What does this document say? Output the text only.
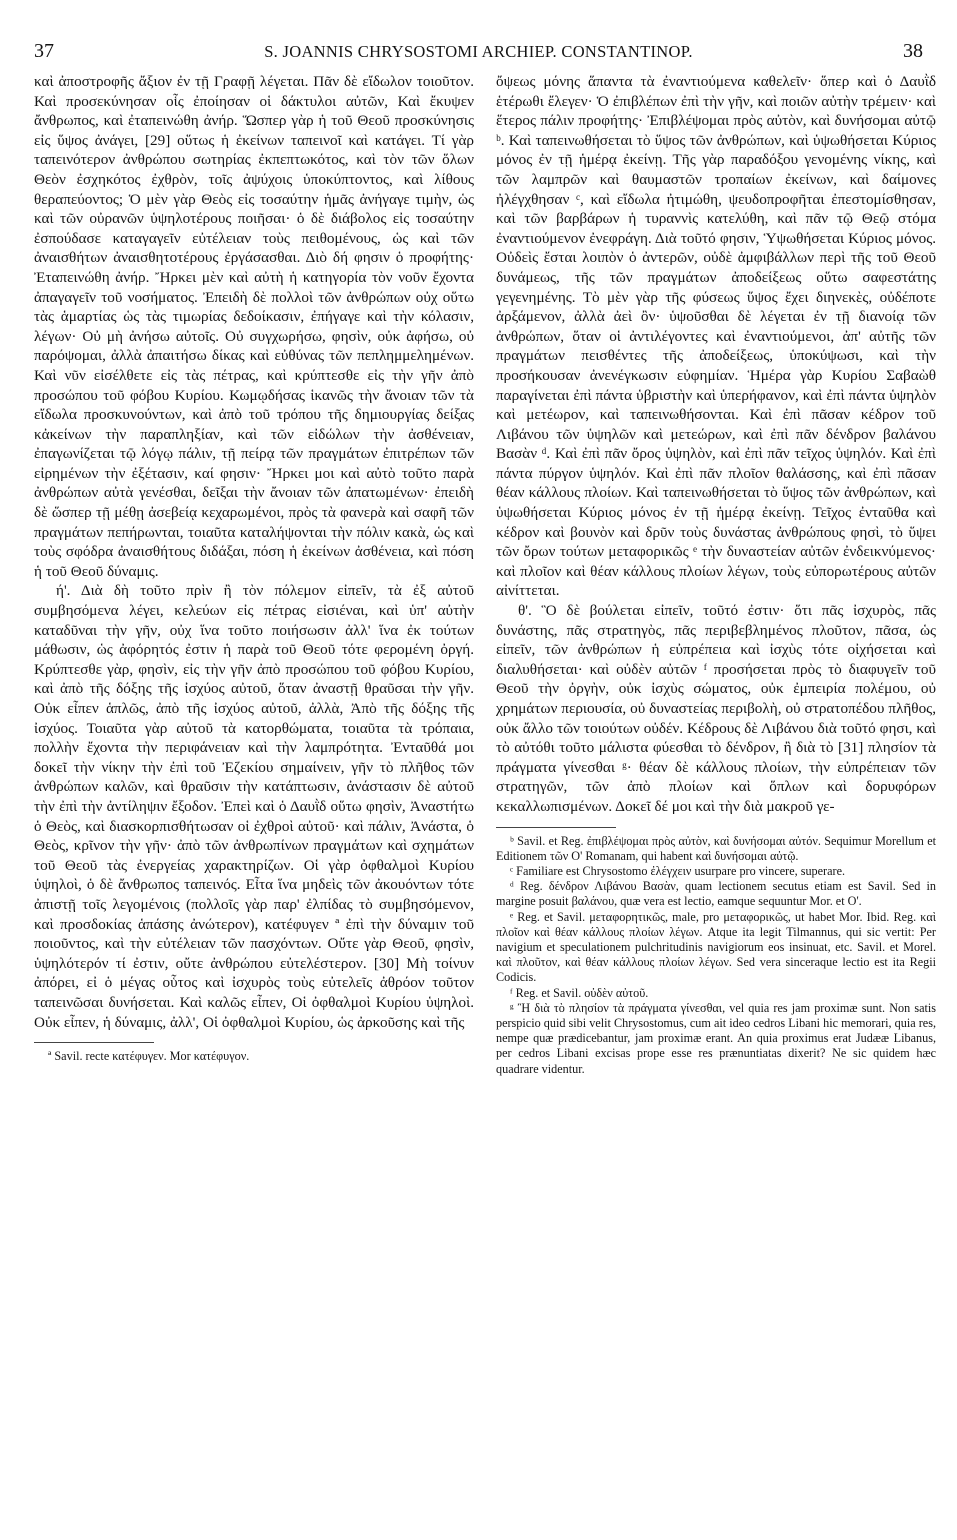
37	S. JOANNIS CHRYSOSTOMI ARCHIEP. CONSTANTINOP.	38

καὶ ἀποστροφῆς ἄξιον ἐν τῇ Γραφῇ λέγεται. Πᾶν δὲ εἴδωλον τοιοῦτον. Καὶ προσεκύνησαν οἷς ἐποίησαν οἱ δάκτυλοι αὐτῶν, Καὶ ἔκυψεν ἄνθρωπος, καὶ ἐταπεινώθη ἀνήρ. Ὥσπερ γὰρ ἡ τοῦ Θεοῦ προσκύνησις εἰς ὕψος ἀνάγει, [29] οὕτως ἡ ἐκείνων ταπεινοῖ καὶ κατάγει. Τί γὰρ ταπεινότερον ἀνθρώπου σωτηρίας ἐκπεπτωκότος, καὶ τὸν τῶν ὅλων Θεὸν ἐσχηκότος ἐχθρὸν, τοῖς ἀψύχοις ὑποκύπτοντος, καὶ λίθους θεραπεύοντος; Ὁ μὲν γὰρ Θεὸς εἰς τοσαύτην ἡμᾶς ἀνήγαγε τιμὴν, ὡς καὶ τῶν οὐρανῶν ὑψηλοτέρους ποιῆσαι· ὁ δὲ διάβολος εἰς τοσαύτην ἐσπούδασε καταγαγεῖν εὐτέλειαν τοὺς πειθομένους, ὡς καὶ τῶν ἀναισθήτων ἀναισθητοτέρους ἐργάσασθαι. Διὸ δή φησιν ὁ προφήτης· Ἐταπεινώθη ἀνήρ. Ἤρκει μὲν καὶ αὐτὴ ἡ κατηγορία τὸν νοῦν ἔχοντα ἀπαγαγεῖν τοῦ νοσήματος. Ἐπειδὴ δὲ πολλοὶ τῶν ἀνθρώπων οὐχ οὕτω τὰς ἁμαρτίας ὡς τὰς τιμωρίας δεδοίκασιν, ἐπήγαγε καὶ τὴν κόλασιν, λέγων· Οὐ μὴ ἀνήσω αὐτοῖς. Οὐ συγχωρήσω, φησὶν, οὐκ ἀφήσω, οὐ παρόψομαι, ἀλλὰ ἀπαιτήσω δίκας καὶ εὐθύνας τῶν πεπλημμελημένων. Καὶ νῦν εἰσέλθετε εἰς τὰς πέτρας, καὶ κρύπτεσθε εἰς τὴν γῆν ἀπὸ προσώπου τοῦ φόβου Κυρίου. Κωμῳδήσας ἱκανῶς τὴν ἄνοιαν τῶν τὰ εἴδωλα προσκυνούντων, καὶ ἀπὸ τοῦ τρόπου τῆς δημιουργίας δείξας κἀκείνων τὴν παραπληξίαν, καὶ τῶν εἰδώλων τὴν ἀσθένειαν, ἐπαγωνίζεται τῷ λόγῳ πάλιν, τῇ πείρᾳ τῶν πραγμάτων ἐπιτρέπων τῶν εἰρημένων τὴν ἐξέτασιν, καί φησιν· Ἤρκει μοι καὶ αὐτὸ τοῦτο παρὰ ἀνθρώπων αὐτὰ γενέσθαι, δεῖξαι τὴν ἄνοιαν τῶν ἀπατωμένων· ἐπειδὴ δὲ ὥσπερ τῇ μέθῃ ἀσεβείᾳ κεχαρωμένοι, πρὸς τὰ φανερὰ καὶ σαφῆ τῶν πραγμάτων πεπήρωνται, τοιαῦτα καταλήψονται τὴν πόλιν κακὰ, ὡς καὶ τοὺς σφόδρα ἀναισθήτους διδάξαι, πόση ἡ ἐκείνων ἀσθένεια, καὶ πόση ἡ τοῦ Θεοῦ δύναμις.

ή'. Διὰ δὴ τοῦτο πρὶν ἢ τὸν πόλεμον εἰπεῖν, τὰ ἐξ αὐτοῦ συμβησόμενα λέγει, κελεύων εἰς πέτρας εἰσιέναι, καὶ ὑπ' αὐτὴν καταδῦναι τὴν γῆν, οὐχ ἵνα τοῦτο ποιήσωσιν ἀλλ' ἵνα ἐκ τούτων μάθωσιν, ὡς ἀφόρητός ἐστιν ἡ παρὰ τοῦ Θεοῦ τότε φερομένη ὀργή. Κρύπτεσθε γὰρ, φησὶν, εἰς τὴν γῆν ἀπὸ προσώπου τοῦ φόβου Κυρίου, καὶ ἀπὸ τῆς δόξης τῆς ἰσχύος αὐτοῦ, ὅταν ἀναστῇ θραῦσαι τὴν γῆν. Οὐκ εἶπεν ἁπλῶς, ἀπὸ τῆς ἰσχύος αὐτοῦ, ἀλλὰ, Ἀπὸ τῆς δόξης τῆς ἰσχύος. Τοιαῦτα γὰρ αὐτοῦ τὰ κατορθώματα, τοιαῦτα τὰ τρόπαια, πολλὴν ἔχοντα τὴν περιφάνειαν καὶ τὴν λαμπρότητα. Ἐνταῦθά μοι δοκεῖ τὴν νίκην τὴν ἐπὶ τοῦ Ἐζεκίου σημαίνειν, γῆν τὸ πλῆθος τῶν ἀνθρώπων καλῶν, καὶ θραῦσιν τὴν κατάπτωσιν, ἀνάστασιν δὲ αὐτοῦ τὴν ἐπὶ τὴν ἀντίληψιν ἔξοδον. Ἐπεὶ καὶ ὁ Δαυῒδ οὕτω φησὶν, Ἀναστήτω ὁ Θεὸς, καὶ διασκορπισθήτωσαν οἱ ἐχθροὶ αὐτοῦ· καὶ πάλιν, Ἀνάστα, ὁ Θεὸς, κρῖνον τὴν γῆν· ἀπὸ τῶν ἀνθρωπίνων πραγμάτων καὶ σχημάτων τοῦ Θεοῦ τὰς ἐνεργείας χαρακτηρίζων. Οἱ γὰρ ὀφθαλμοὶ Κυρίου ὑψηλοὶ, ὁ δὲ ἄνθρωπος ταπεινός. Εἶτα ἵνα μηδεὶς τῶν ἀκουόντων τότε ἀπιστῇ τοῖς λεγομένοις (πολλοῖς γὰρ παρ' ἐλπίδας τὸ συμβησόμενον, καὶ προσδοκίας ἁπάσης ἀνώτερον), κατέφυγεν ª ἐπὶ τὴν δύναμιν τοῦ ποιοῦντος, καὶ τὴν εὐτέλειαν τῶν πασχόντων. Οὔτε γὰρ Θεοῦ, φησὶν, ὑψηλότερόν τί ἐστιν, οὔτε ἀνθρώπου εὐτελέστερον. [30] Μὴ τοίνυν ἀπόρει, εἰ ὁ μέγας οὗτος καὶ ἰσχυρὸς τοὺς εὐτελεῖς ἀθρόον τοῦτον ταπεινῶσαι δυνήσεται. Καὶ καλῶς εἶπεν, Οἱ ὀφθαλμοὶ Κυρίου ὑψηλοὶ. Οὐκ εἶπεν, ἡ δύναμις, ἀλλ', Οἱ ὀφθαλμοὶ Κυρίου, ὡς ἀρκοῦσης καὶ τῆς

ª Savil. recte κατέφυγεν. Mor κατέφυγον.

ὄψεως μόνης ἅπαντα τὰ ἐναντιούμενα καθελεῖν· ὅπερ καὶ ὁ Δαυῒδ ἑτέρωθι ἔλεγεν· Ὁ ἐπιβλέπων ἐπὶ τὴν γῆν, καὶ ποιῶν αὐτὴν τρέμειν· καὶ ἕτερος πάλιν προφήτης· Ἐπιβλέψομαι πρὸς αὐτὸν, καὶ δυνήσομαι αὐτῷ ᵇ. Καὶ ταπεινωθήσεται τὸ ὕψος τῶν ἀνθρώπων, καὶ ὑψωθήσεται Κύριος μόνος ἐν τῇ ἡμέρᾳ ἐκείνῃ. Τῆς γὰρ παραδόξου γενομένης νίκης, καὶ τῶν λαμπρῶν καὶ θαυμαστῶν τροπαίων ἐκείνων, καὶ δαίμονες ἠλέγχθησαν ᶜ, καὶ εἴδωλα ἠτιμώθη, ψευδοπροφῆται ἐπεστομίσθησαν, καὶ τῶν βαρβάρων ἡ τυραννὶς κατελύθη, καὶ πᾶν τῷ Θεῷ στόμα ἐναντιούμενον ἐνεφράγη. Διὰ τοῦτό φησιν, Ὑψωθήσεται Κύριος μόνος. Οὐδεὶς ἔσται λοιπὸν ὁ ἀντερῶν, οὐδὲ ἀμφιβάλλων περὶ τῆς τοῦ Θεοῦ δυνάμεως, τῆς τῶν πραγμάτων ἀποδείξεως οὕτω σαφεστάτης γεγενημένης. Τὸ μὲν γὰρ τῆς φύσεως ὕψος ἔχει διηνεκὲς, οὐδέποτε ἀρξάμενον, ἀλλὰ ἀεὶ ὂν· ὑψοῦσθαι δὲ λέγεται ἐν τῇ διανοίᾳ τῶν ἀνθρώπων, ὅταν οἱ ἀντιλέγοντες καὶ ἐναντιούμενοι, ἀπ' αὐτῆς τῶν πραγμάτων πεισθέντες τῆς ἀποδείξεως, ὑποκύψωσι, καὶ τὴν προσήκουσαν ἀνενέγκωσιν εὐφημίαν. Ἡμέρα γὰρ Κυρίου Σαβαὼθ παραγίνεται ἐπὶ πάντα ὑβριστὴν καὶ ὑπερήφανον, καὶ ἐπὶ πάντα ὑψηλὸν καὶ μετέωρον, καὶ ταπεινωθήσονται. Καὶ ἐπὶ πᾶσαν κέδρον τοῦ Λιβάνου τῶν ὑψηλῶν καὶ μετεώρων, καὶ ἐπὶ πᾶν δένδρον βαλάνου Βασὰν ᵈ. Καὶ ἐπὶ πᾶν ὄρος ὑψηλὸν, καὶ ἐπὶ πᾶν τεῖχος ὑψηλόν. Καὶ ἐπὶ πάντα πύργον ὑψηλόν. Καὶ ἐπὶ πᾶν πλοῖον θαλάσσης, καὶ ἐπὶ πᾶσαν θέαν κάλλους πλοίων. Καὶ ταπεινωθήσεται τὸ ὕψος τῶν ἀνθρώπων, καὶ ὑψωθήσεται Κύριος μόνος ἐν τῇ ἡμέρᾳ ἐκείνῃ. Τεῖχος ἐνταῦθα καὶ κέδρον καὶ βουνὸν καὶ δρῦν τοὺς δυνάστας ἀνθρώπους φησὶ, τὸ ὕψει τῶν ὄρων τούτων μεταφορικῶς ᵉ τὴν δυναστείαν αὐτῶν ἐνδεικνύμενος· καὶ πλοῖον καὶ θέαν κάλλους πλοίων λέγων, τοὺς εὐπορωτέρους αὐτῶν αἰνίττεται.

θ'. Ὃ δὲ βούλεται εἰπεῖν, τοῦτό ἐστιν· ὅτι πᾶς ἰσχυρὸς, πᾶς δυνάστης, πᾶς στρατηγὸς, πᾶς περιβεβλημένος πλοῦτον, πᾶσα, ὡς εἰπεῖν, τῶν ἀνθρώπων ἡ εὐπρέπεια καὶ ἰσχὺς τότε οἰχήσεται καὶ διαλυθήσεται· καὶ οὐδὲν αὐτῶν ᶠ προσήσεται πρὸς τὸ διαφυγεῖν τοῦ Θεοῦ τὴν ὀργὴν, οὐκ ἰσχὺς σώματος, οὐκ ἐμπειρία πολέμου, οὐ χρημάτων περιουσία, οὐ δυναστείας περιβολὴ, οὐ στρατοπέδου πλῆθος, οὐκ ἄλλο τῶν τοιούτων οὐδέν. Κέδρους δὲ Λιβάνου διὰ τοῦτό φησι, καὶ τὸ αὐτόθι τοῦτο μάλιστα φύεσθαι τὸ δένδρον, ἢ διὰ τὸ [31] πλησίον τὰ πράγματα γίνεσθαι ᵍ· θέαν δὲ κάλλους πλοίων, τὴν εὐπρέπειαν τῶν στρατηγῶν, τῶν ἀπὸ πλοίων καὶ ὅπλων καὶ δορυφόρων κεκαλλωπισμένων. Δοκεῖ δέ μοι καὶ τὴν διὰ μακροῦ γε-

ᵇ Savil. et Reg. ἐπιβλέψομαι πρὸς αὐτὸν, καὶ δυνήσομαι αὐτόν. Sequimur Morellum et Editionem τῶν Ο' Romanam, qui habent καὶ δυνήσομαι αὐτῷ.

ᶜ Familiare est Chrysostomo ἐλέγχειν usurpare pro vincere, superare.

ᵈ Reg. δένδρον Λιβάνου Βασὰν, quam lectionem secutus etiam est Savil. Sed in margine posuit βαλάνου, quæ vera est lectio, eamque sequuntur Mor. et O'.

ᵉ Reg. et Savil. μεταφορητικῶς, male, pro μεταφορικῶς, ut habet Mor. Ibid. Reg. καὶ πλοῖον καὶ θέαν κάλλους πλοίων λέγων. Atque ita legit Tilmannus, qui sic vertit: Per navigium et speculationem pulchritudinis navigiorum eos insinuat, etc. Savil. et Morel. καὶ πλοῦτον, καὶ θέαν κάλλους πλοίων λέγων. Sed vera sinceraque lectio est ita Regii Codicis.

ᶠ Reg. et Savil. οὐδὲν αὐτοῦ.

ᵍ Ἢ διὰ τὸ πλησίον τὰ πράγματα γίνεσθαι, vel quia res jam proximæ sunt. Non satis perspicio quid sibi velit Chrysostomus, cum ait ideo cedros Libani hic memorari, quia res, nempe quæ prædicebantur, jam proximæ erant. An quia proximus erat Judææ Libanus, per cedros Libani excisas prope esse res prænuntiatas dixerit? Ne sic quidem hæc quadrare videntur.
